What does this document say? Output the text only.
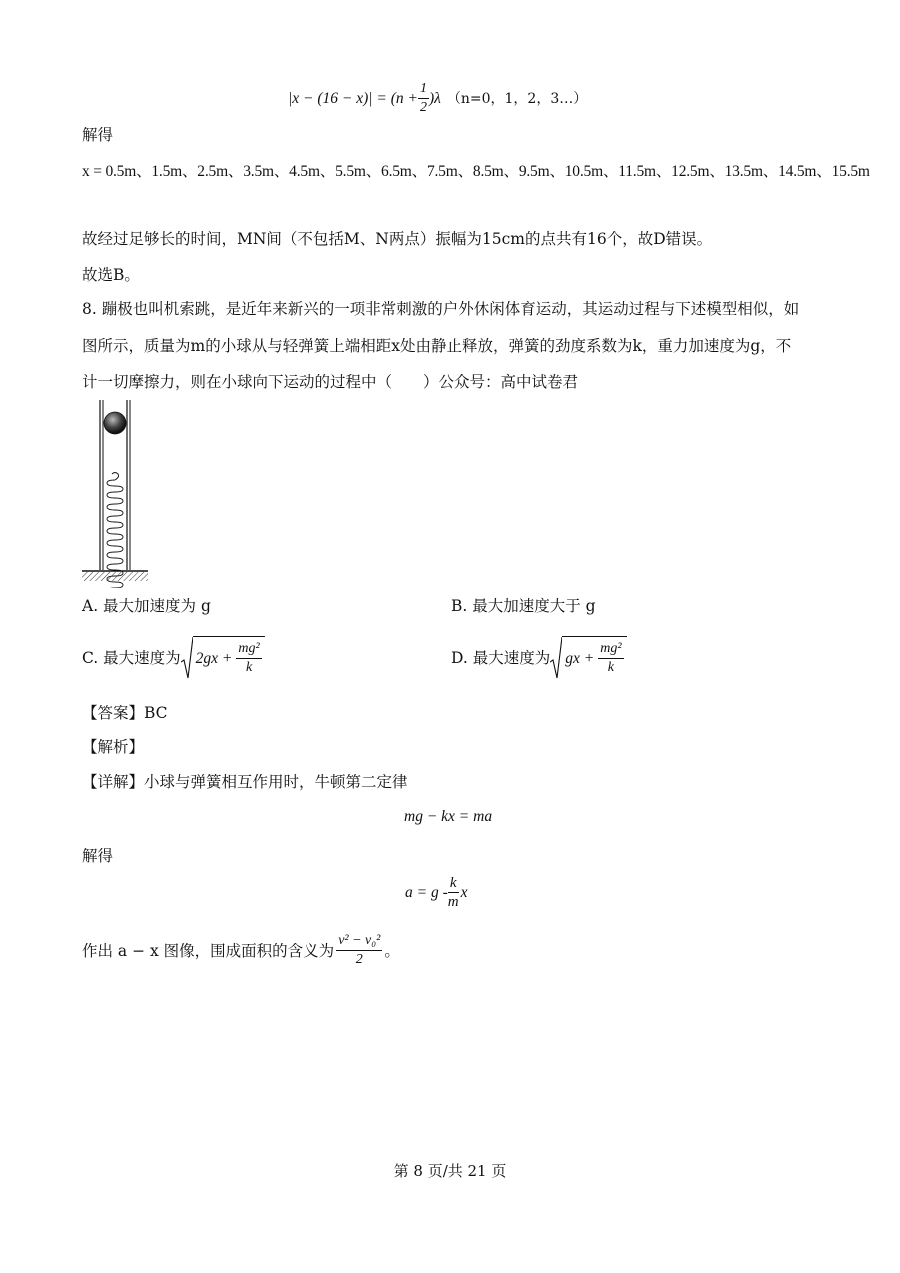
$|x - (16 - x)| = (n + \frac{1}{2} )\lambda$ （n=0，1，2，3…）
解得
x = 0.5m、1.5m、2.5m、3.5m、4.5m、5.5m、6.5m、7.5m、8.5m、9.5m、10.5m、11.5m、12.5m、13.5m、14.5m、15.5m
故经过足够长的时间，MN间（不包括M、N两点）振幅为15cm的点共有16个，故D错误。
故选B。
8. 蹦极也叫机索跳，是近年来新兴的一项非常刺激的户外休闲体育运动，其运动过程与下述模型相似，如
图所示，质量为m的小球从与轻弹簧上端相距x处由静止释放，弹簧的劲度系数为k，重力加速度为g，不
计一切摩擦力，则在小球向下运动的过程中（　　）公众号：高中试卷君
A. 最大加速度为 g	B. 最大加速度大于 g
C. 最大速度为 $2gx + \frac{\text{mg²}}{k}$	D. 最大速度为 gx + $\frac{\text{mg²}}{k}$
【答案】BC
【解析】
【详解】小球与弹簧相互作用时，牛顿第二定律
mg − kx = ma
解得
$a = g - \frac{k}{m}$ x
作出 a − x 图像，围成面积的含义为 $\frac{\text{v² − v₀²}}{2}$ 。
第 8 页/共 21 页
